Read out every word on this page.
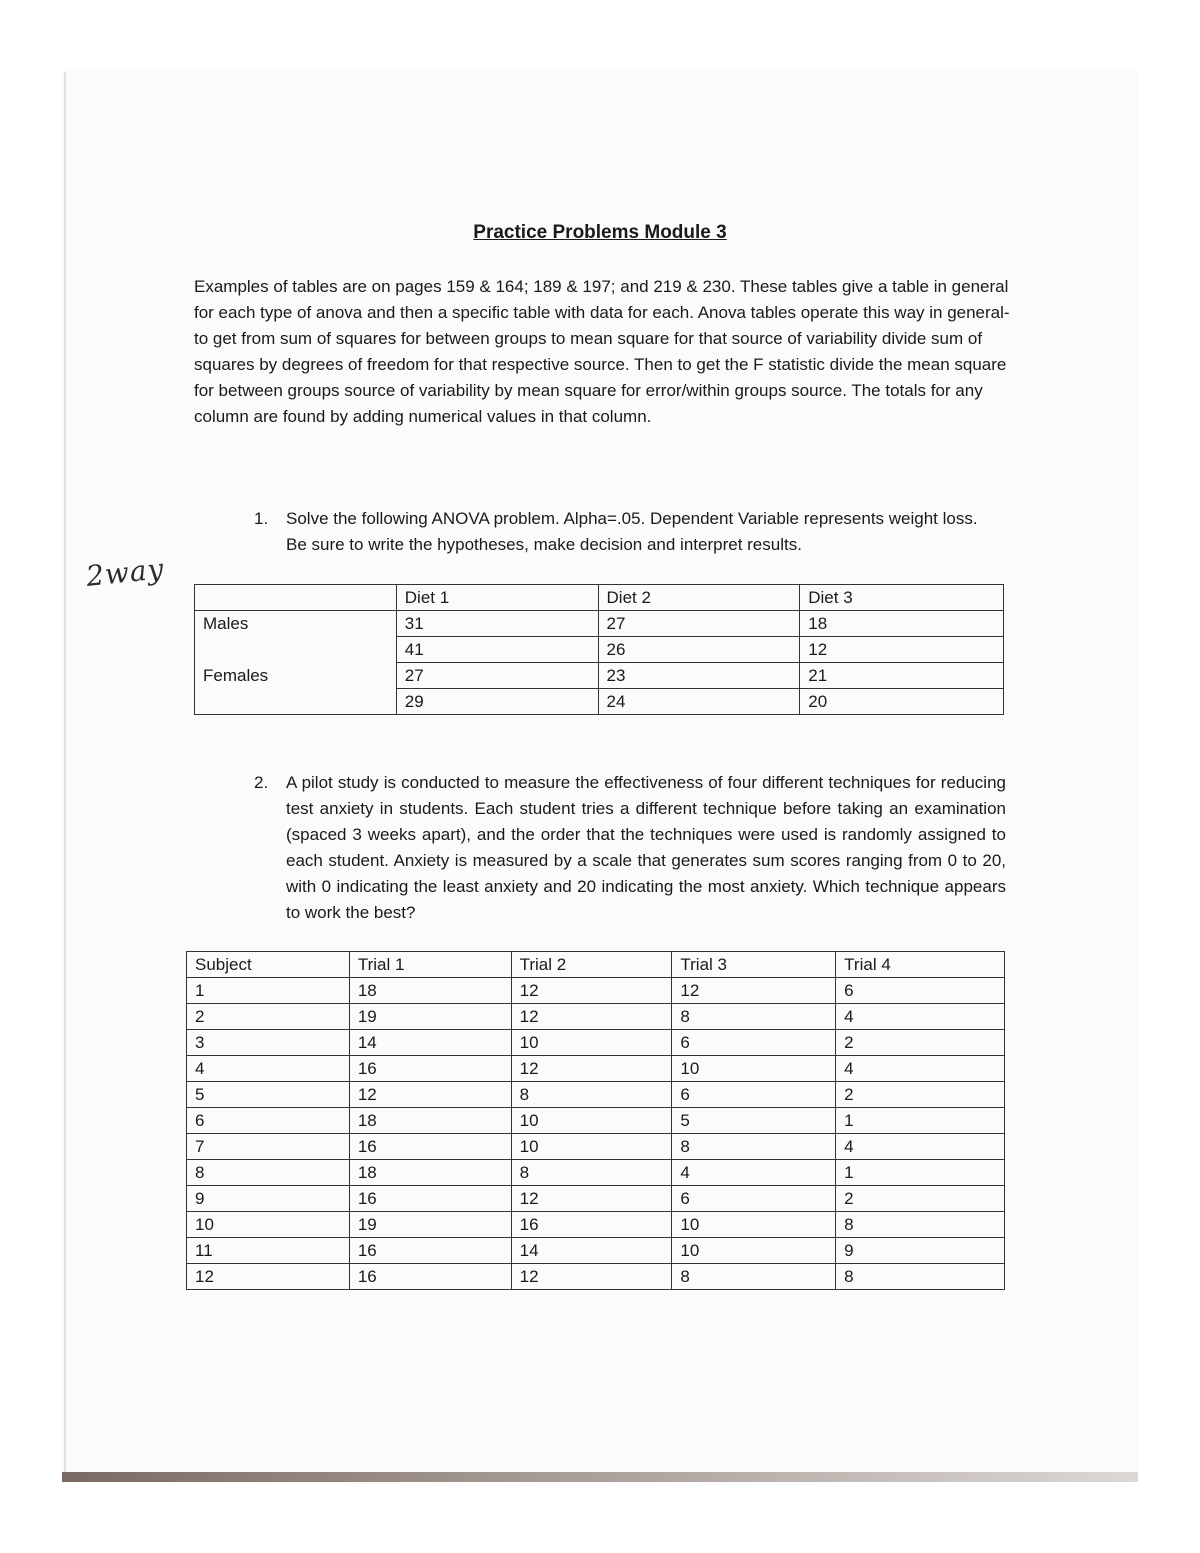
Practice Problems Module 3
Examples of tables are on pages 159 & 164; 189 & 197; and 219 & 230. These tables give a table in general for each type of anova and then a specific table with data for each. Anova tables operate this way in general- to get from sum of squares for between groups to mean square for that source of variability divide sum of squares by degrees of freedom for that respective source. Then to get the F statistic divide the mean square for between groups source of variability by mean square for error/within groups source. The totals for any column are found by adding numerical values in that column.
1.	Solve the following ANOVA problem. Alpha=.05. Dependent Variable represents weight loss. Be sure to write the hypotheses, make decision and interpret results.
2way
	Diet 1	Diet 2	Diet 3
Males	31	27	18
	41	26	12
Females	27	23	21
	29	24	20
2.	A pilot study is conducted to measure the effectiveness of four different techniques for reducing test anxiety in students. Each student tries a different technique before taking an examination (spaced 3 weeks apart), and the order that the techniques were used is randomly assigned to each student. Anxiety is measured by a scale that generates sum scores ranging from 0 to 20, with 0 indicating the least anxiety and 20 indicating the most anxiety. Which technique appears to work the best?
Subject	Trial 1	Trial 2	Trial 3	Trial 4
1	18	12	12	6
2	19	12	8	4
3	14	10	6	2
4	16	12	10	4
5	12	8	6	2
6	18	10	5	1
7	16	10	8	4
8	18	8	4	1
9	16	12	6	2
10	19	16	10	8
11	16	14	10	9
12	16	12	8	8
